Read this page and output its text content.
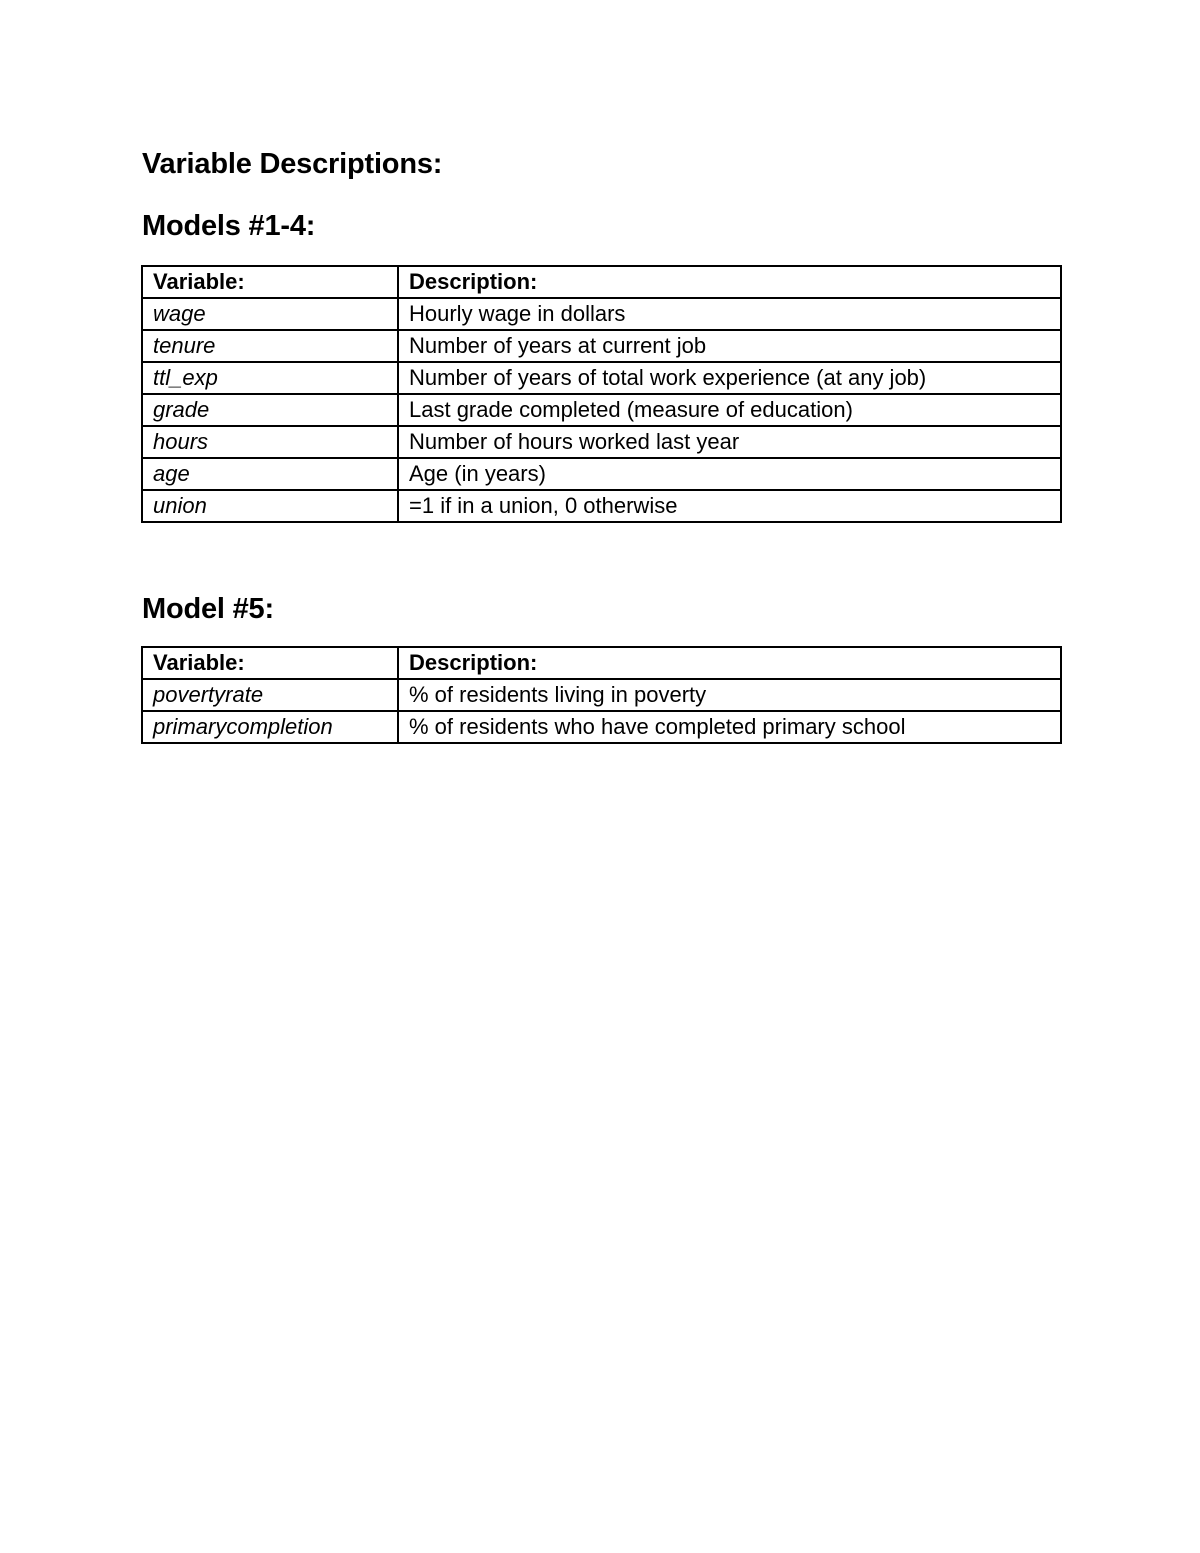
Variable Descriptions:
Models #1-4:
Variable:	Description:
wage	Hourly wage in dollars
tenure	Number of years at current job
ttl_exp	Number of years of total work experience (at any job)
grade	Last grade completed (measure of education)
hours	Number of hours worked last year
age	Age (in years)
union	=1 if in a union, 0 otherwise
Model #5:
Variable:	Description:
povertyrate	% of residents living in poverty
primarycompletion	% of residents who have completed primary school
